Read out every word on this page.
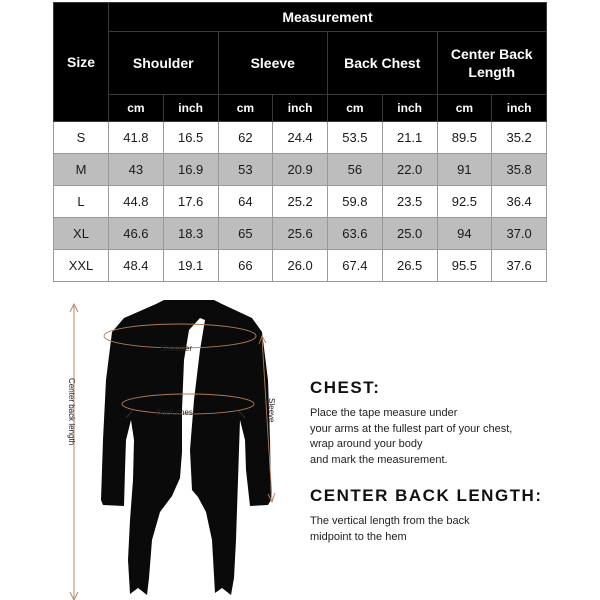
Size	Measurement							
	Shoulder		Sleeve		Back Chest		Center Back Length	
	cm	inch	cm	inch	cm	inch	cm	inch
S	41.8	16.5	62	24.4	53.5	21.1	89.5	35.2
M	43	16.9	53	20.9	56	22.0	91	35.8
L	44.8	17.6	64	25.2	59.8	23.5	92.5	36.4
XL	46.6	18.3	65	25.6	63.6	25.0	94	37.0
XXL	48.4	19.1	66	26.0	67.4	26.5	95.5	37.6
Shoulder
Back chest
Center back length	Sleeve
CHEST:
Place the tape measure under
your arms at the fullest part of your chest,
wrap around your body
and mark the measurement.
CENTER BACK LENGTH:
The vertical length from the back
midpoint to the hem
